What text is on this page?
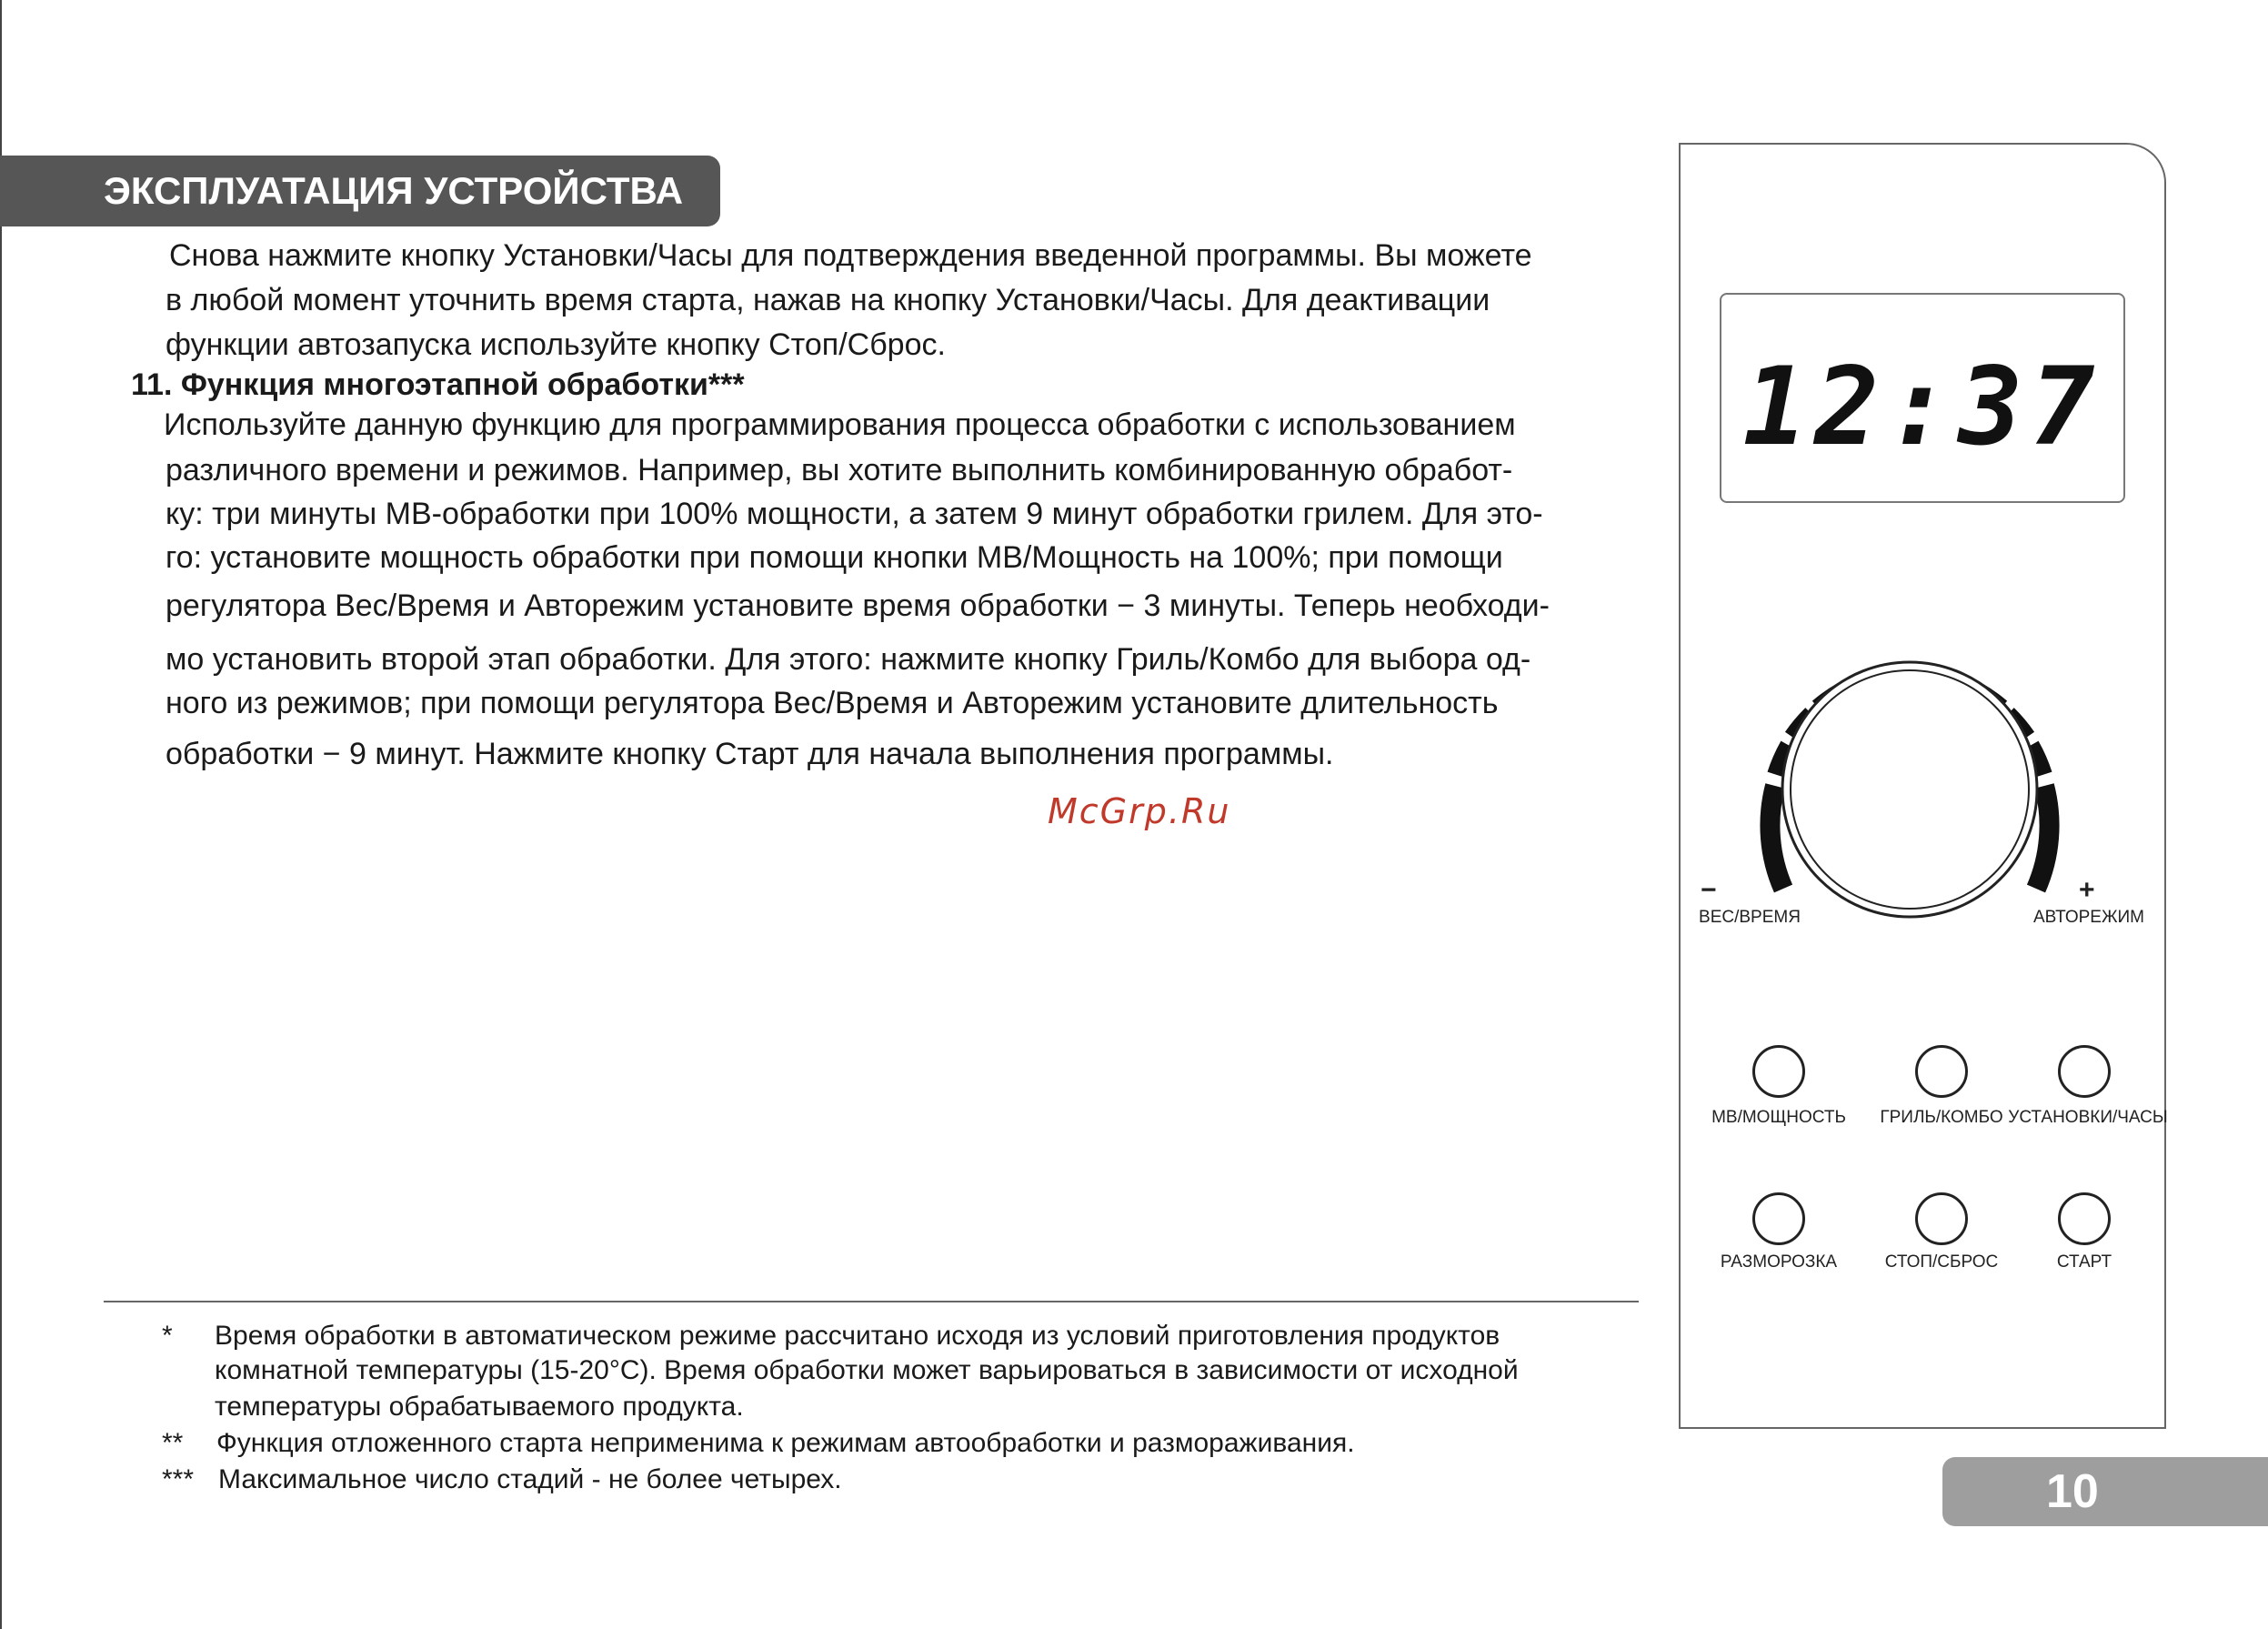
ЭКСПЛУАТАЦИЯ УСТРОЙСТВА
Снова нажмите кнопку Установки/Часы для подтверждения введенной программы. Вы можете
в любой момент уточнить время старта, нажав на кнопку Установки/Часы. Для деактивации
функции автозапуска используйте кнопку Стоп/Сброс.
11. Функция многоэтапной обработки***
Используйте данную функцию для программирования процесса обработки с использованием
различного времени и режимов. Например, вы хотите выполнить комбинированную обработ-
ку: три минуты МВ-обработки при 100% мощности, а затем 9 минут обработки грилем. Для это-
го: установите мощность обработки при помощи кнопки МВ/Мощность на 100%; при помощи
регулятора Вес/Время и Авторежим установите время обработки − 3 минуты. Теперь необходи-
мо установить второй этап обработки. Для этого: нажмите кнопку Гриль/Комбо для выбора од-
ного из режимов; при помощи регулятора Вес/Время и Авторежим установите длительность
обработки − 9 минут. Нажмите кнопку Старт для начала выполнения программы.
McGrp.Ru
* Время обработки в автоматическом режиме рассчитано исходя из условий приготовления продуктов
комнатной температуры (15-20°С). Время обработки может варьироваться в зависимости от исходной
температуры обрабатываемого продукта.
** Функция отложенного старта неприменима к режимам автообработки и размораживания.
*** Максимальное число стадий - не более четырех.	10
12:37
−	+
ВЕС/ВРЕМЯ	АВТОРЕЖИМ
МВ/МОЩНОСТЬ ГРИЛЬ/КОМБО УСТАНОВКИ/ЧАСЫ
РАЗМОРОЗКА	СТОП/СБРОС	СТАРТ
